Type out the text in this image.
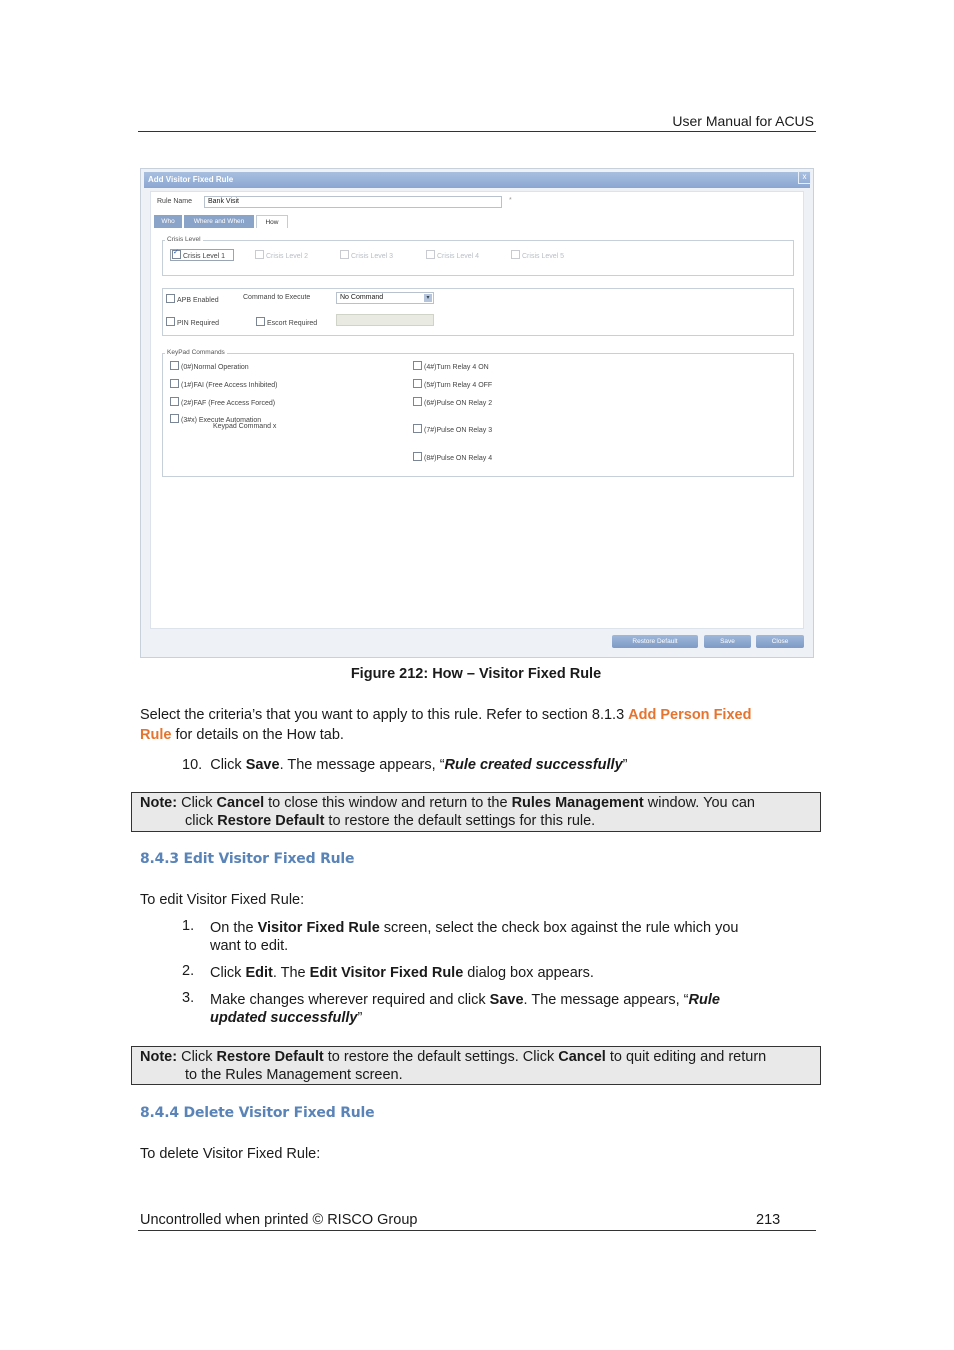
User Manual for ACUS
Add Visitor Fixed Rule	x
Rule Name	Bank Visit	*
Who	Where and When	How
Crisis Level
✓Crisis Level 1	Crisis Level 2	Crisis Level 3	Crisis Level 4	Crisis Level 5
APB Enabled	Command to Execute	No Command	▾
PIN Required	Escort Required
KeyPad Commands
(0#)Normal Operation
(1#)FAI (Free Access Inhibited)
(2#)FAF (Free Access Forced)
(3#x) Execute Automation
Keypad Command x
(4#)Turn Relay 4 ON
(5#)Turn Relay 4 OFF
(6#)Pulse ON Relay 2
(7#)Pulse ON Relay 3
(8#)Pulse ON Relay 4
Restore Default	Save	Close
Figure 212: How – Visitor Fixed Rule
Select the criteria’s that you want to apply to this rule. Refer to section 8.1.3 Add Person Fixed
Rule for details on the How tab.
10. Click Save. The message appears, “Rule created successfully”
Note: Click Cancel to close this window and return to the Rules Management window. You can
click Restore Default to restore the default settings for this rule.
8.4.3 Edit Visitor Fixed Rule
To edit Visitor Fixed Rule:
1.	On the Visitor Fixed Rule screen, select the check box against the rule which you
want to edit.
2.	Click Edit. The Edit Visitor Fixed Rule dialog box appears.
3.	Make changes wherever required and click Save. The message appears, “Rule
updated successfully”
Note: Click Restore Default to restore the default settings. Click Cancel to quit editing and return
to the Rules Management screen.
8.4.4 Delete Visitor Fixed Rule
To delete Visitor Fixed Rule:
Uncontrolled when printed © RISCO Group	213
